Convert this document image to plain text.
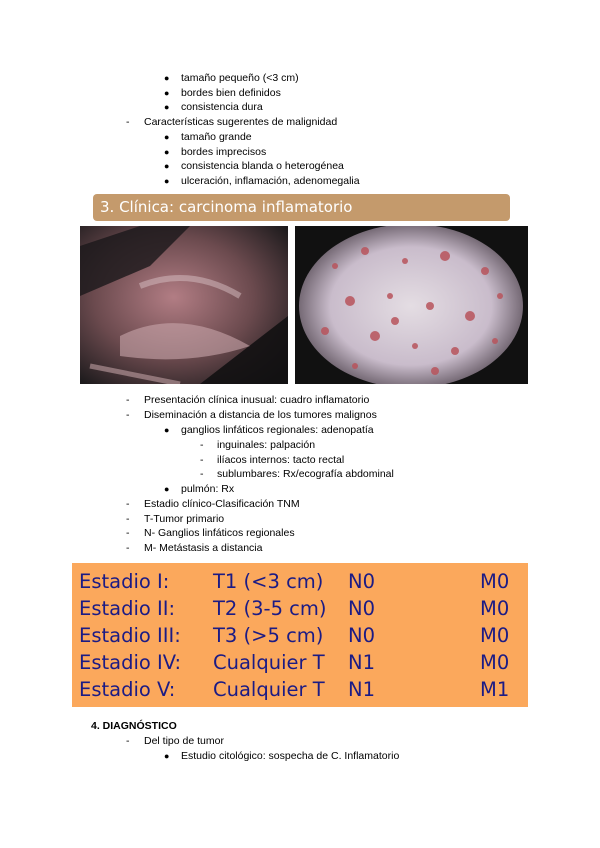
● tamaño pequeño (<3 cm)
● bordes bien definidos
● consistencia dura
- Características sugerentes de malignidad
● tamaño grande
● bordes imprecisos
● consistencia blanda o heterogénea
● ulceración, inflamación, adenomegalia
3. Clínica: carcinoma inflamatorio
- Presentación clínica inusual: cuadro inflamatorio
- Diseminación a distancia de los tumores malignos
● ganglios linfáticos regionales: adenopatía
- inguinales: palpación
- ilíacos internos: tacto rectal
- sublumbares: Rx/ecografía abdominal
● pulmón: Rx
- Estadio clínico-Clasificación TNM
- T-Tumor primario
- N- Ganglios linfáticos regionales
- M- Metástasis a distancia
Estadio I: T1 (<3 cm) N0	M0
Estadio II: T2 (3-5 cm) N0	M0
Estadio III: T3 (>5 cm) N0	M0
Estadio IV: Cualquier T N1	M0
Estadio V: Cualquier T N1	M1
4. DIAGNÓSTICO
- Del tipo de tumor
● Estudio citológico: sospecha de C. Inflamatorio
